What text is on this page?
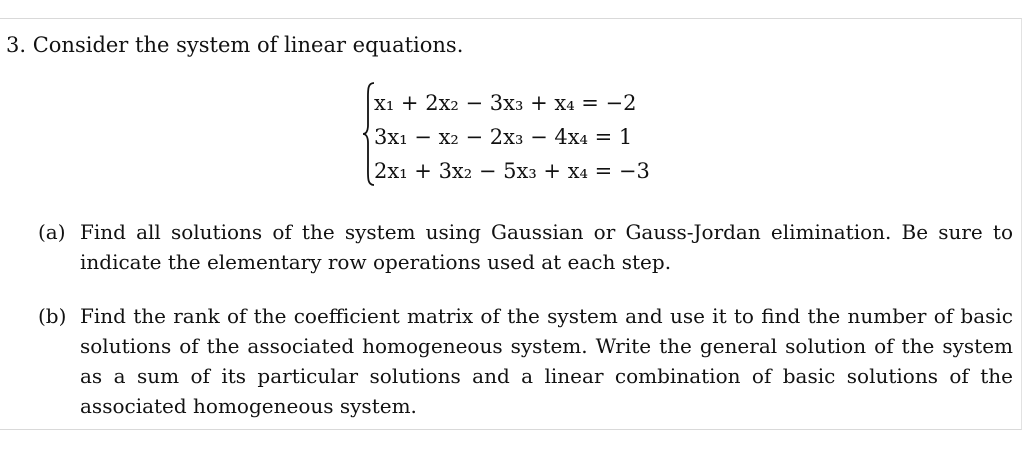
3. Consider the system of linear equations.
x₁ + 2x₂ − 3x₃ + x₄ = −2
3x₁ − x₂ − 2x₃ − 4x₄ = 1
2x₁ + 3x₂ − 5x₃ + x₄ = −3
(a) Find all solutions of the system using Gaussian or Gauss-Jordan elimination. Be sure to indicate the elementary row operations used at each step.
(b) Find the rank of the coefficient matrix of the system and use it to find the number of basic solutions of the associated homogeneous system. Write the general solution of the system as a sum of its particular solutions and a linear combination of basic solutions of the associated homogeneous system.
